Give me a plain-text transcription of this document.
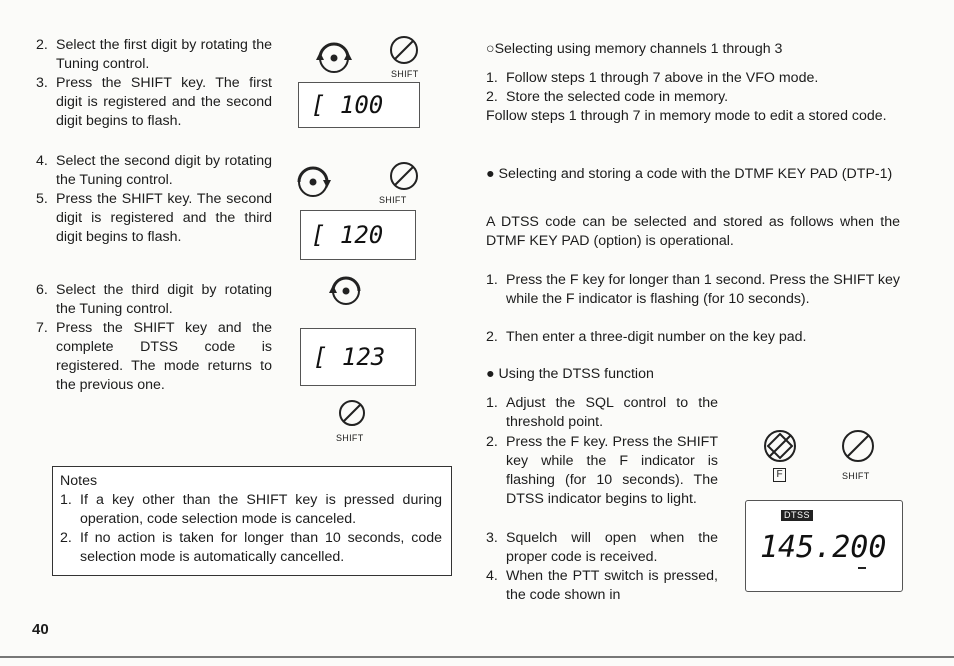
2. Select the first digit by rotating the Tuning control.
3. Press the SHIFT key. The first digit is registered and the second digit begins to flash.
4. Select the second digit by rotating the Tuning control.
5. Press the SHIFT key. The second digit is registered and the third digit begins to flash.
6. Select the third digit by rotating the Tuning control.
7. Press the SHIFT key and the complete DTSS code is registered. The mode returns to the previous one.
SHIFT
[ 100
SHIFT
[ 120
[ 123
SHIFT
Notes
1. If a key other than the SHIFT key is pressed during operation, code selection mode is canceled.
2. If no action is taken for longer than 10 seconds, code selection mode is automatically cancelled.
○Selecting using memory channels 1 through 3
1. Follow steps 1 through 7 above in the VFO mode.
2. Store the selected code in memory.
Follow steps 1 through 7 in memory mode to edit a stored code.
● Selecting and storing a code with the DTMF KEY PAD (DTP-1)
A DTSS code can be selected and stored as follows when the DTMF KEY PAD (option) is operational.
1. Press the F key for longer than 1 second. Press the SHIFT key while the F indicator is flashing (for 10 seconds).
2. Then enter a three-digit number on the key pad.
● Using the DTSS function
1. Adjust the SQL control to the threshold point.
2. Press the F key. Press the SHIFT key while the F indicator is flashing (for 10 seconds). The DTSS indicator begins to light.
3. Squelch will open when the proper code is received.
4. When the PTT switch is pressed, the code shown in
F	SHIFT
DTSS
145.200
40
